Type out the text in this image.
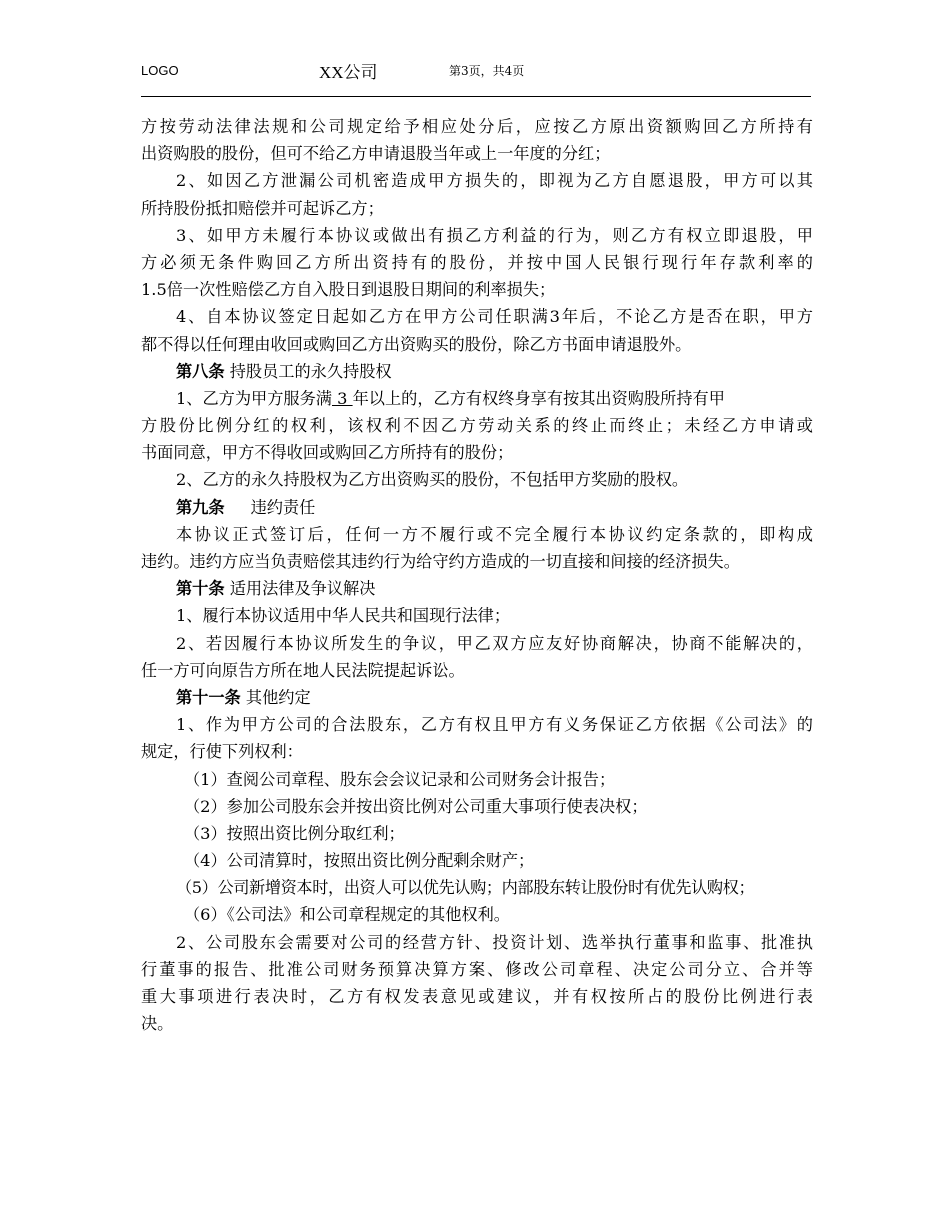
LOGO	XX公司	第3页，共4页
方按劳动法律法规和公司规定给予相应处分后，应按乙方原出资额购回乙方所持有
出资购股的股份，但可不给乙方申请退股当年或上一年度的分红；
2、如因乙方泄漏公司机密造成甲方损失的，即视为乙方自愿退股，甲方可以其
所持股份抵扣赔偿并可起诉乙方；
3、如甲方未履行本协议或做出有损乙方利益的行为，则乙方有权立即退股，甲
方必须无条件购回乙方所出资持有的股份，并按中国人民银行现行年存款利率的
1.5倍一次性赔偿乙方自入股日到退股日期间的利率损失；
4、自本协议签定日起如乙方在甲方公司任职满3年后，不论乙方是否在职，甲方
都不得以任何理由收回或购回乙方出资购买的股份，除乙方书面申请退股外。
第八条 持股员工的永久持股权
1、乙方为甲方服务满 3 年以上的，乙方有权终身享有按其出资购股所持有甲
方股份比例分红的权利，该权利不因乙方劳动关系的终止而终止；未经乙方申请或
书面同意，甲方不得收回或购回乙方所持有的股份；
2、乙方的永久持股权为乙方出资购买的股份，不包括甲方奖励的股权。
第九条 违约责任
本协议正式签订后，任何一方不履行或不完全履行本协议约定条款的，即构成
违约。违约方应当负责赔偿其违约行为给守约方造成的一切直接和间接的经济损失。
第十条 适用法律及争议解决
1、履行本协议适用中华人民共和国现行法律；
2、若因履行本协议所发生的争议，甲乙双方应友好协商解决，协商不能解决的，
任一方可向原告方所在地人民法院提起诉讼。
第十一条 其他约定
1、作为甲方公司的合法股东，乙方有权且甲方有义务保证乙方依据《公司法》的
规定，行使下列权利：
（1）查阅公司章程、股东会会议记录和公司财务会计报告；
（2）参加公司股东会并按出资比例对公司重大事项行使表决权；
（3）按照出资比例分取红利；
（4）公司清算时，按照出资比例分配剩余财产；
（5）公司新增资本时，出资人可以优先认购；内部股东转让股份时有优先认购权；
（6）《公司法》和公司章程规定的其他权利。
2、公司股东会需要对公司的经营方针、投资计划、选举执行董事和监事、批准执
行董事的报告、批准公司财务预算决算方案、修改公司章程、决定公司分立、合并等
重大事项进行表决时，乙方有权发表意见或建议，并有权按所占的股份比例进行表
决。
